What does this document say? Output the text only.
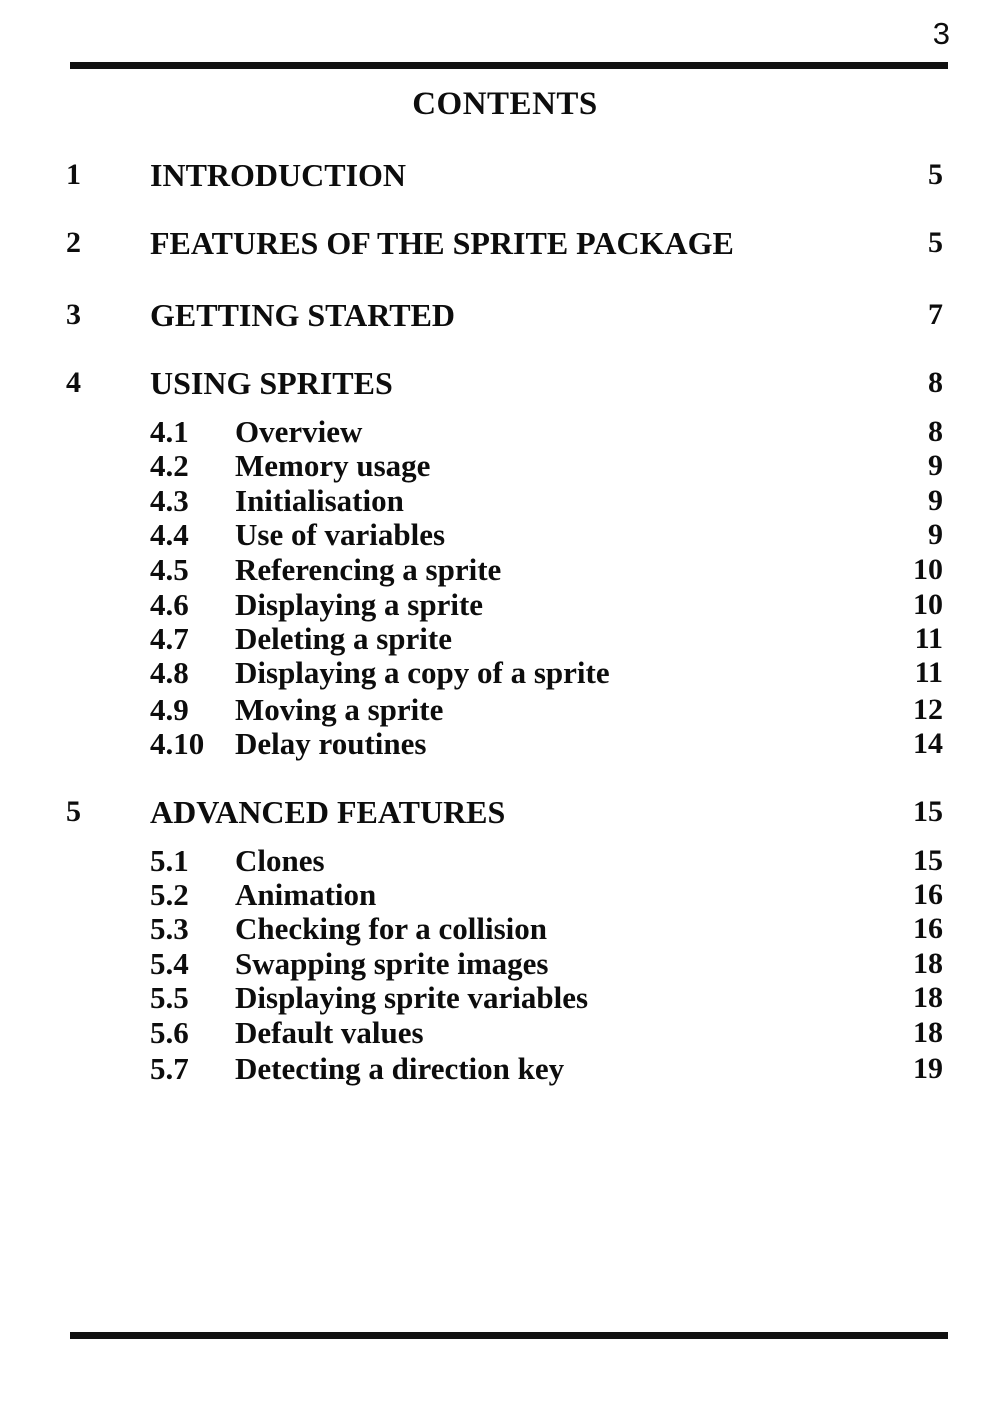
3
CONTENTS
1 INTRODUCTION	5
2 FEATURES OF THE SPRITE PACKAGE	5
3 GETTING STARTED	7
4 USING SPRITES	8
4.1 Overview	8
4.2 Memory usage	9
4.3 Initialisation	9
4.4 Use of variables	9
4.5 Referencing a sprite	10
4.6 Displaying a sprite	10
4.7 Deleting a sprite	11
4.8 Displaying a copy of a sprite	11
4.9 Moving a sprite	12
4.10 Delay routines	14
5 ADVANCED FEATURES	15
5.1 Clones	15
5.2 Animation	16
5.3 Checking for a collision	16
5.4 Swapping sprite images	18
5.5 Displaying sprite variables	18
5.6 Default values	18
5.7 Detecting a direction key	19
